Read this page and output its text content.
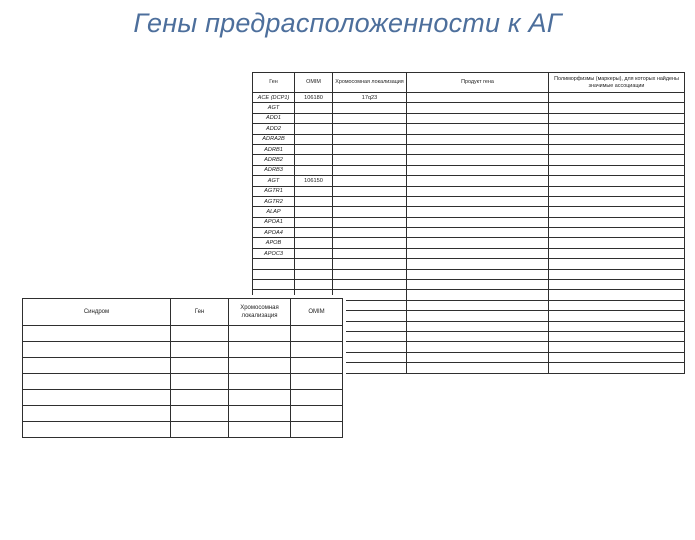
Гены предрасположенности к АГ
Ген	OMIM	Хромосомная локализация	Продукт гена	Полиморфизмы (маркеры), для которых найдены значимые ассоциации
ACE (DCP1)	106180	17q23		
AGT				
ADD1				
ADD2				
ADRA2B				
ADRB1				
ADRB2				
ADRB3				
AGT	106150			
AGTR1				
AGTR2				
ALAP				
APOA1				
APOA4				
APOB				
APOC3				

Синдром	Ген	Хромосомная локализация	OMIM
